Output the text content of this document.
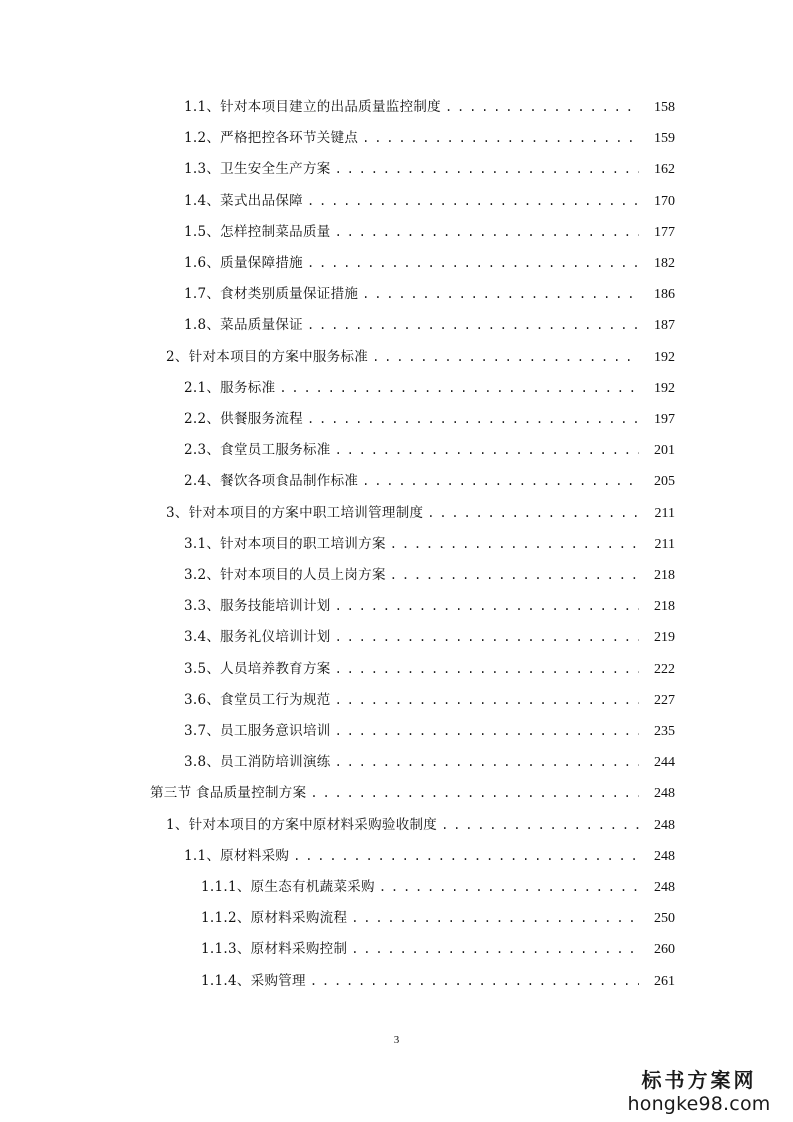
1.1、针对本项目建立的出品质量监控制度 . . .	158
1.2、严格把控各环节关键点 . . .	159
1.3、卫生安全生产方案 . . .	162
1.4、菜式出品保障 . . .	170
1.5、怎样控制菜品质量 . . .	177
1.6、质量保障措施 . . .	182
1.7、食材类别质量保证措施 . . .	186
1.8、菜品质量保证 . . .	187
2、针对本项目的方案中服务标准 . . .	192
2.1、服务标准 . . .	192
2.2、供餐服务流程 . . .	197
2.3、食堂员工服务标准 . . .	201
2.4、餐饮各项食品制作标准 . . .	205
3、针对本项目的方案中职工培训管理制度 . . .	211
3.1、针对本项目的职工培训方案 . . .	211
3.2、针对本项目的人员上岗方案 . . .	218
3.3、服务技能培训计划 . . .	218
3.4、服务礼仪培训计划 . . .	219
3.5、人员培养教育方案 . . .	222
3.6、食堂员工行为规范 . . .	227
3.7、员工服务意识培训 . . .	235
3.8、员工消防培训演练 . . .	244
第三节 食品质量控制方案 . . .	248
1、针对本项目的方案中原材料采购验收制度 . . .	248
1.1、原材料采购 . . .	248
1.1.1、原生态有机蔬菜采购 . . .	248
1.1.2、原材料采购流程 . . .	250
1.1.3、原材料采购控制 . . .	260
1.1.4、采购管理 . . .	261
3
标书方案网
hongke98.com
